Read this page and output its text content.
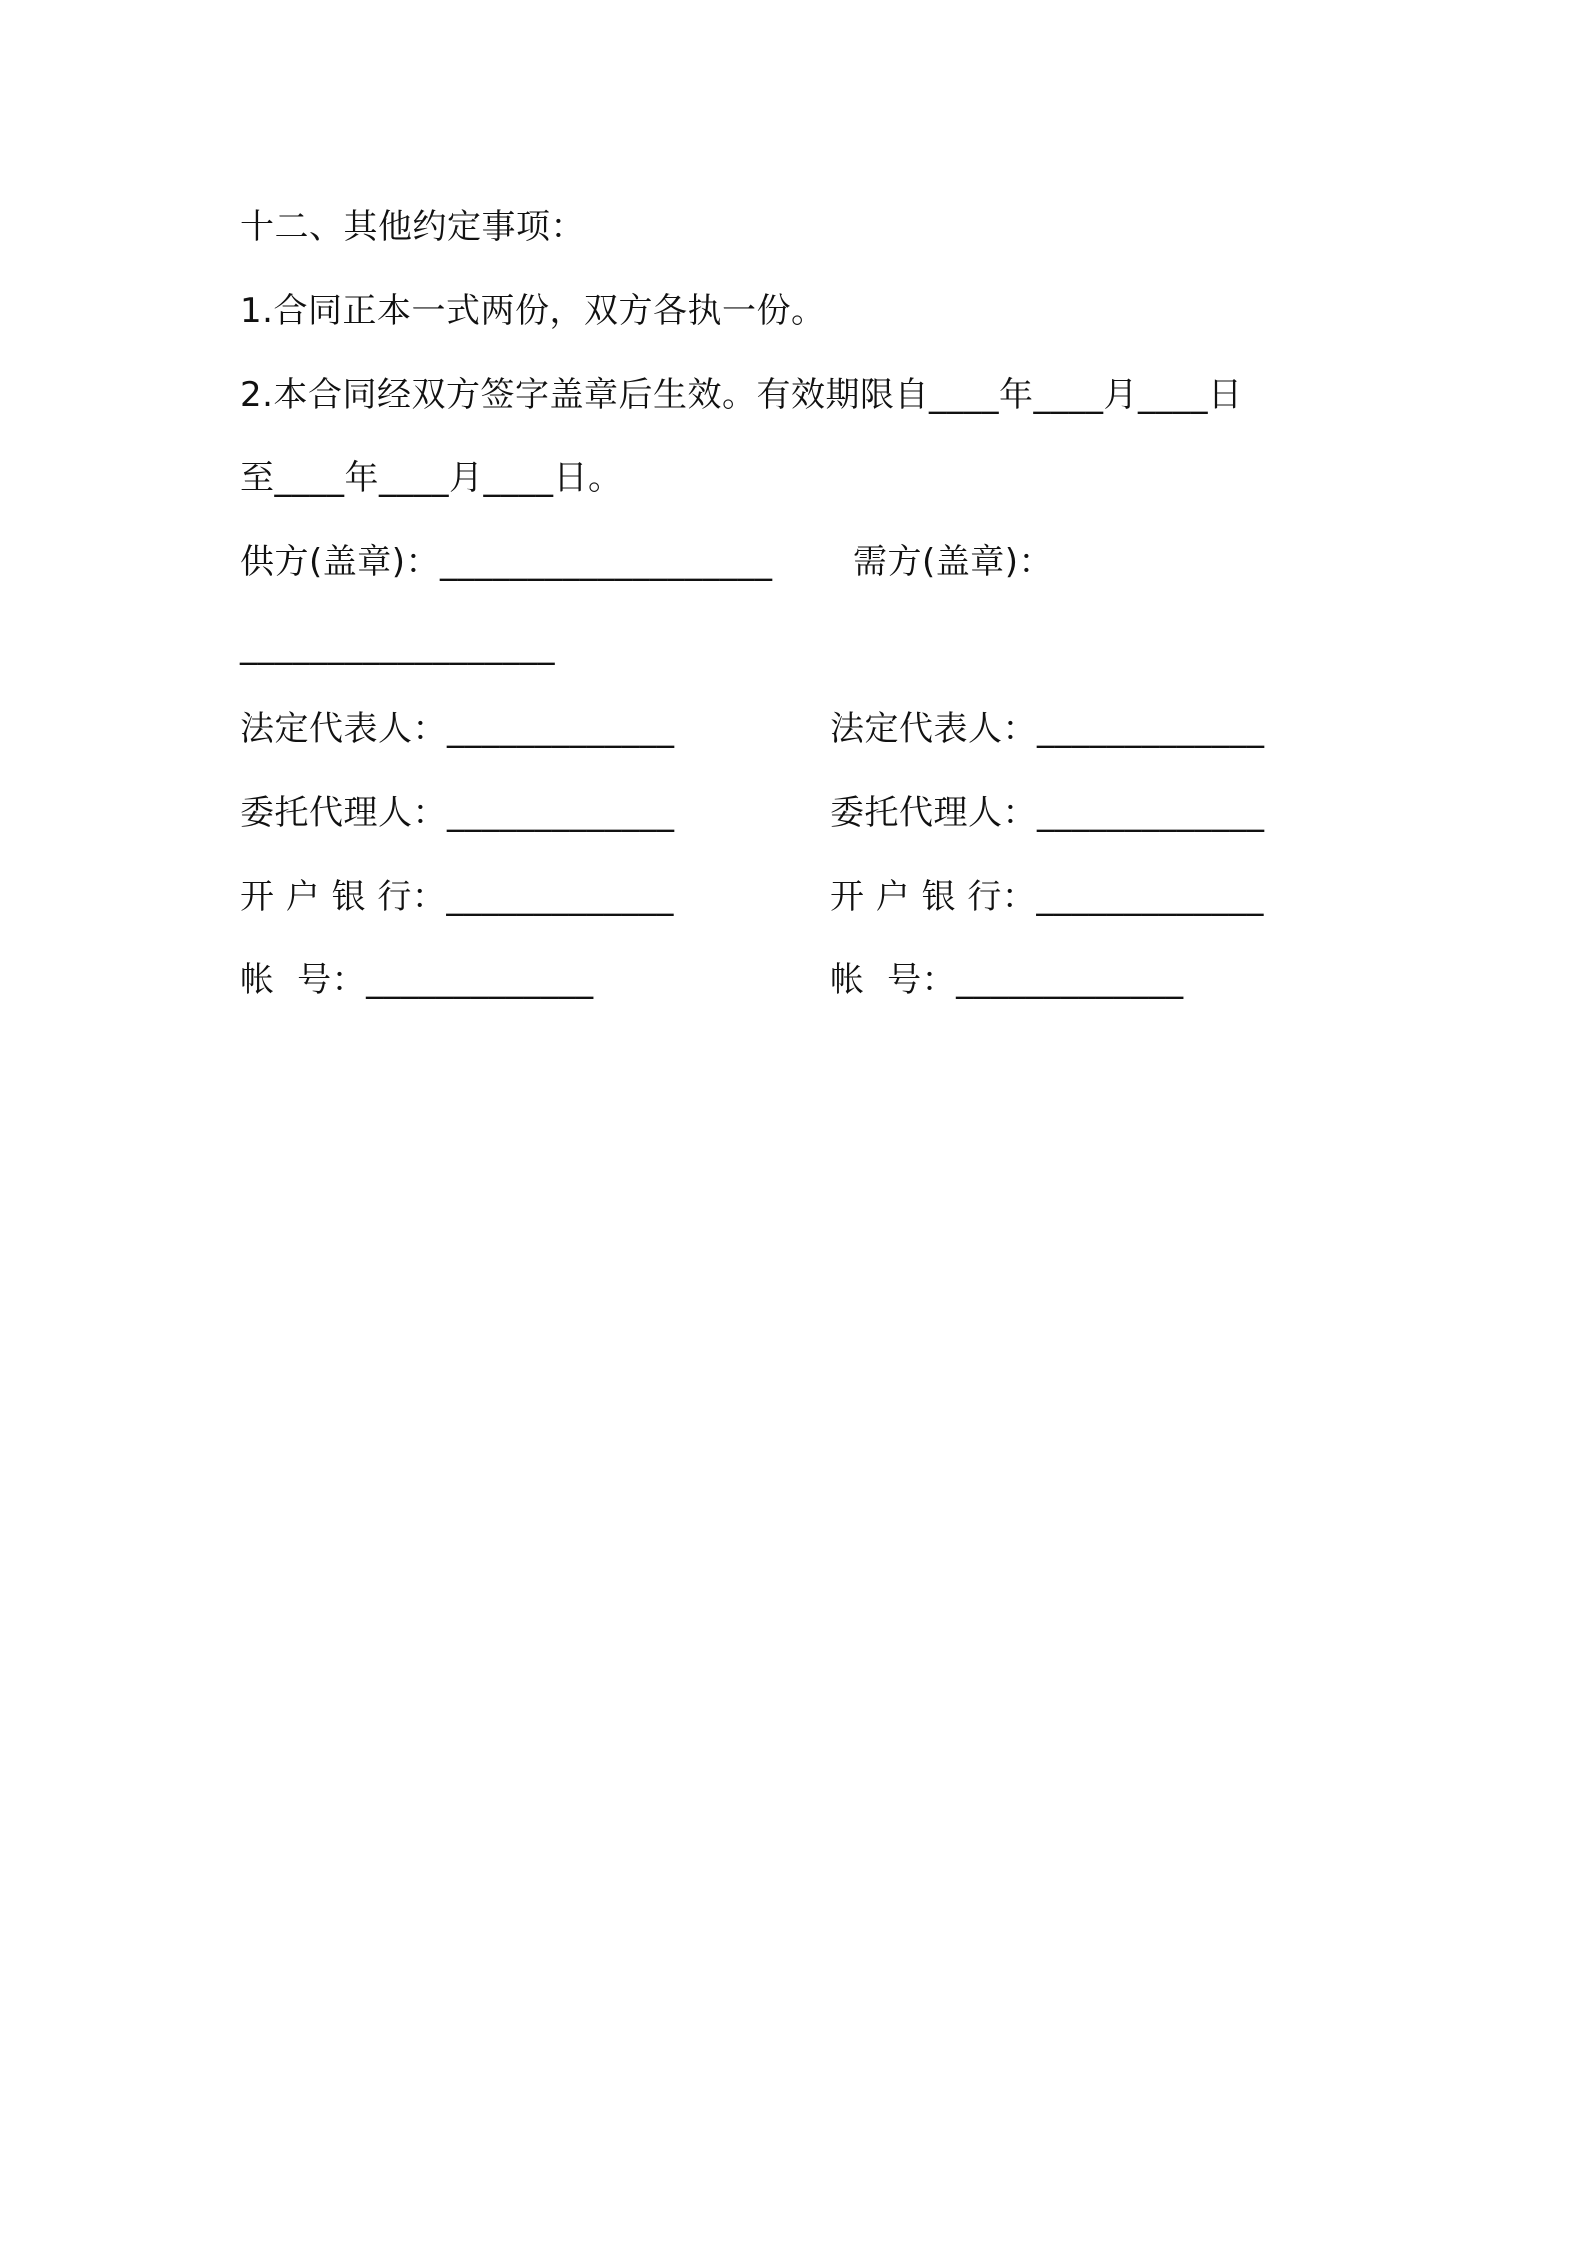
十二、其他约定事项：
1.合同正本一式两份，双方各执一份。
2.本合同经双方签字盖章后生效。有效期限自____年____月____日
至____年____月____日。
供方(盖章)：___________________ 需方(盖章)：
__________________
法定代表人：_____________	法定代表人：_____________
委托代理人：_____________	委托代理人：_____________
开 户 银 行：_____________	开 户 银 行：_____________
帐  号：_____________	帐  号：_____________
